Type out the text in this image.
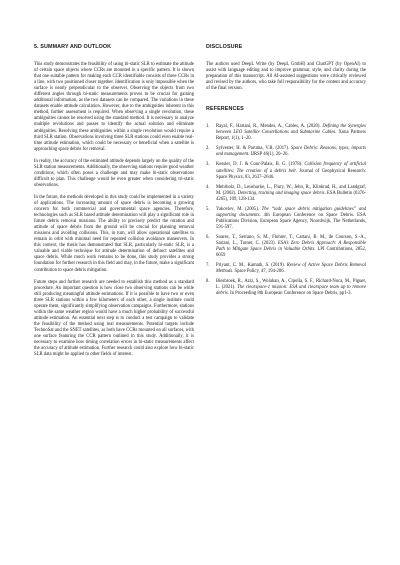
5. SUMMARY AND OUTLOOK

This study demonstrates the feasibility of using bi-static SLR to estimate the attitude of certain space objects where CCRs are mounted in a specific pattern. It is shown that one suitable pattern for making each CCR identifiable consists of three CCRs in a line, with two positioned closer together. Identification is only impossible when the surface is nearly perpendicular to the observer. Observing the objects from two different angles through bi-static measurements proves to be crucial for gaining additional information, as the two datasets can be compared. The variations in these datasets enable attitude calculation. However, due to the ambiguities inherent in this method, further assessment is required. When observing a single revolution, these ambiguities cannot be resolved using the standard method. It is necessary to analyze multiple revolutions and passes to identify the actual solution and eliminate ambiguities. Resolving these ambiguities within a single revolution would require a third SLR station. Observations involving three SLR stations could even enable real-time attitude estimation, which could be necessary or beneficial when a satellite is approaching space debris for removal.

In reality, the accuracy of the estimated attitude depends largely on the quality of the SLR station measurements. Additionally, the observing stations require good weather conditions, which often poses a challenge and may make bi-static observations difficult to plan. This challenge would be even greater when considering tri-static observations.

In the future, the methods developed in this study could be implemented in a variety of applications. The increasing amount of space debris is becoming a growing concern for both commercial and governmental space agencies. Therefore, technologies such as SLR based attitude determination will play a significant role in future debris removal missions. The ability to precisely predict the rotation and attitude of space debris from the ground will be crucial for planning removal missions and avoiding collisions. This, in turn, will allow operational satellites to remain in orbit with minimal need for repeated collision avoidance maneuvers. In this context, the thesis has demonstrated that SLR, particularly bi-static SLR, is a valuable and viable technique for attitude determination of defunct satellites and space debris. While much work remains to be done, this study provides a strong foundation for further research in this field and may, in the future, make a significant contribution to space debris mitigation.

Future steps and further research are needed to establish this method as a standard procedure. An important question is how close two observing stations can be while still producing meaningful attitude estimations. If it is possible to have two or even three SLR stations within a few kilometers of each other, a single institute could operate them, significantly simplifying observation campaigns. Furthermore, stations within the same weather region would have a much higher probability of successful attitude estimation. An essential next step is to conduct a test campaign to validate the feasibility of the method using real measurements. Potential targets include TechnoSat and the SNET satellites, as both have CCRs mounted on all surfaces, with one surface featuring the CCR pattern outlined in this study. Additionally, it is necessary to examine how timing correlation errors in bi-static measurements affect the accuracy of attitude estimation. Further research could also explore how bi-static SLR data might be applied to other fields of interest.

DISCLOSURE

The authors used DeepL Write (by DeepL GmbH) and ChatGPT (by OpenAI) to assist with language editing and to improve grammar, style, and clarity during the preparation of this manuscript. All AI-assisted suggestions were critically reviewed and revised by the authors, who take full responsibility for the content and accuracy of the final version.

REFERENCES
1.	Rayal, F., Hartani, R., Mendes, A., Cables, A. (2020). Defining the Synergies between LEO Satellite Constellations and Submarine Cables. Xona Partners Report, 1(1), 1–20.
2.	Sylvester, H. & Paruma, V.R. (2017). Space Debris: Reasons, types, impacts and management. IJRSP 46(1), 20–26.
3.	Kessler, D. J. & Cour-Palais, B. G. (1978). Collision frequency of artificial satellites: The creation of a debris belt. Journal of Geophysical Research: Space Physics, 83, 2637–2646.
4.	Mehrholz, D., Leushacke, L., Flury, W., Jehn, R., Klinkrad, H., and Landgraf, M. (2002). Detecting, tracking and imaging space debris. ESA Bulletin (0376-4265), 109, 128-134.
5.	Yakovlev, M. (2005). The “iadc space debris mitigation guidelines” and supporting documents. 4th European Conference on Space Debris. ESA Publications Division, European Space Agency, Noordwijk, The Netherlands, 591-597.
6.	Soares, T., Serrano, S. M., Flohrer, T., Cattani, B. M., de Courson, S.-A., Sariani, L., Turner, C. (2023). ESA’s Zero Debris Approach: A Responsible Path to Mitigate Space Debris in Valuable Orbits. LPI Contributions, 2852, 6059
7.	Priyant, C. M., Kamath, S. (2019). Review of Active Space Debris Removal Methods. Space Policy, 47, 194-206.
8.	Biesbroek, R., Aziz, S., Wolahan, A., Cipolla, S. F., Richard-Noca, M., Piguet, L. (2021). The clearspace-1 mission: ESA and clearspace team up to remove debris. In Proceeding 8th European Conference on Space Debris, pp1-3.
